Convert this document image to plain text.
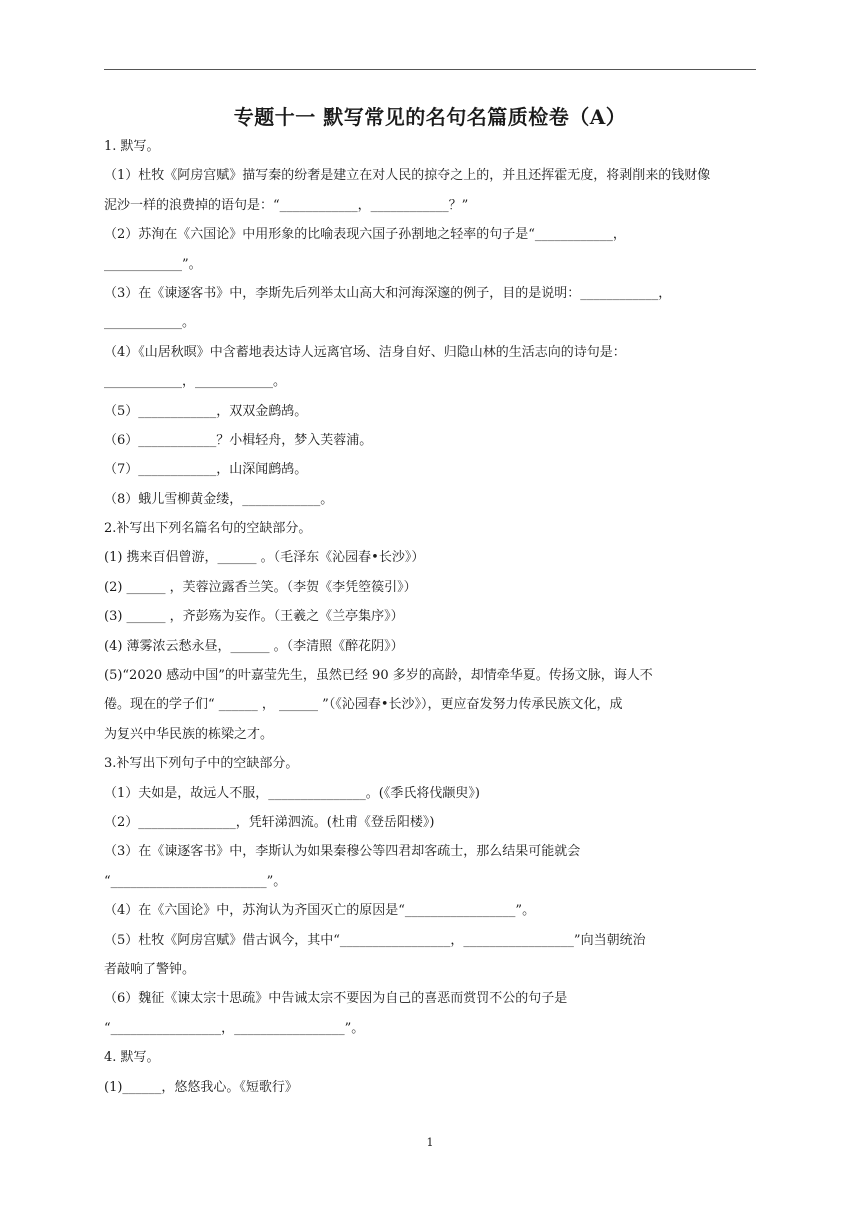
专题十一 默写常见的名句名篇质检卷（A）
1. 默写。
（1）杜牧《阿房宫赋》描写秦的纷奢是建立在对人民的掠夺之上的，并且还挥霍无度，将剥削来的钱财像
泥沙一样的浪费掉的语句是：“____________，____________？”
（2）苏洵在《六国论》中用形象的比喻表现六国子孙割地之轻率的句子是“____________，
____________”。
（3）在《谏逐客书》中，李斯先后列举太山高大和河海深邃的例子，目的是说明：____________，
____________。
（4）《山居秋暝》中含蓄地表达诗人远离官场、洁身自好、归隐山林的生活志向的诗句是：
____________，____________。
（5）____________，双双金鹧鸪。
（6）____________？小楫轻舟，梦入芙蓉浦。
（7）____________，山深闻鹧鸪。
（8）蛾儿雪柳黄金缕，____________。
2.补写出下列名篇名句的空缺部分。
(1) 携来百侣曾游，______ 。（毛泽东《沁园春•长沙》）
(2) ______ ，芙蓉泣露香兰笑。（李贺《李凭箜篌引》）
(3) ______ ，齐彭殇为妄作。（王羲之《兰亭集序》）
(4) 薄雾浓云愁永昼，______ 。（李清照《醉花阴》）
(5)“2020 感动中国”的叶嘉莹先生，虽然已经 90 多岁的高龄，却情牵华夏。传扬文脉，诲人不
倦。现在的学子们“ ______ ， ______ ”（《沁园春•长沙》），更应奋发努力传承民族文化，成
为复兴中华民族的栋梁之才。
3.补写出下列句子中的空缺部分。
（1）夫如是，故远人不服，_______________。(《季氏将伐颛臾》)
（2）_______________，凭轩涕泗流。(杜甫《登岳阳楼》)
（3）在《谏逐客书》中，李斯认为如果秦穆公等四君却客疏士，那么结果可能就会
“________________________”。
（4）在《六国论》中，苏洵认为齐国灭亡的原因是“_________________”。
（5）杜牧《阿房宫赋》借古讽今，其中“_________________，_________________”向当朝统治
者敲响了警钟。
（6）魏征《谏太宗十思疏》中告诫太宗不要因为自己的喜恶而赏罚不公的句子是
“_________________，_________________”。
4. 默写。
(1)______，悠悠我心。《短歌行》
1
